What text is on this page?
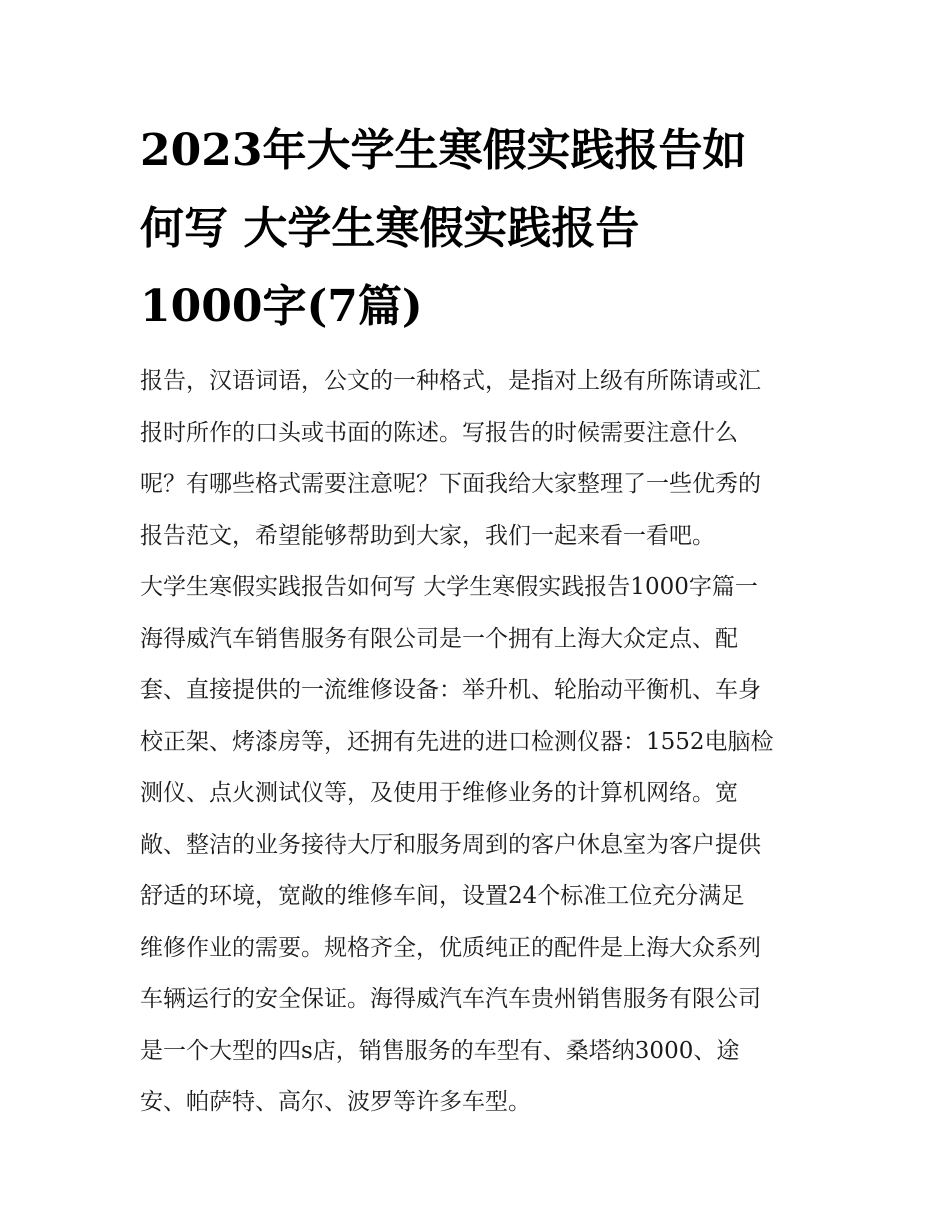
2023年大学生寒假实践报告如
何写 大学生寒假实践报告
1000字(7篇)
报告，汉语词语，公文的一种格式，是指对上级有所陈请或汇
报时所作的口头或书面的陈述。写报告的时候需要注意什么
呢？有哪些格式需要注意呢？下面我给大家整理了一些优秀的
报告范文，希望能够帮助到大家，我们一起来看一看吧。
大学生寒假实践报告如何写 大学生寒假实践报告1000字篇一
海得威汽车销售服务有限公司是一个拥有上海大众定点、配
套、直接提供的一流维修设备：举升机、轮胎动平衡机、车身
校正架、烤漆房等，还拥有先进的进口检测仪器：1552电脑检
测仪、点火测试仪等，及使用于维修业务的计算机网络。宽
敞、整洁的业务接待大厅和服务周到的客户休息室为客户提供
舒适的环境，宽敞的维修车间，设置24个标准工位充分满足
维修作业的需要。规格齐全，优质纯正的配件是上海大众系列
车辆运行的安全保证。海得威汽车汽车贵州销售服务有限公司
是一个大型的四s店，销售服务的车型有、桑塔纳3000、途
安、帕萨特、高尔、波罗等许多车型。
